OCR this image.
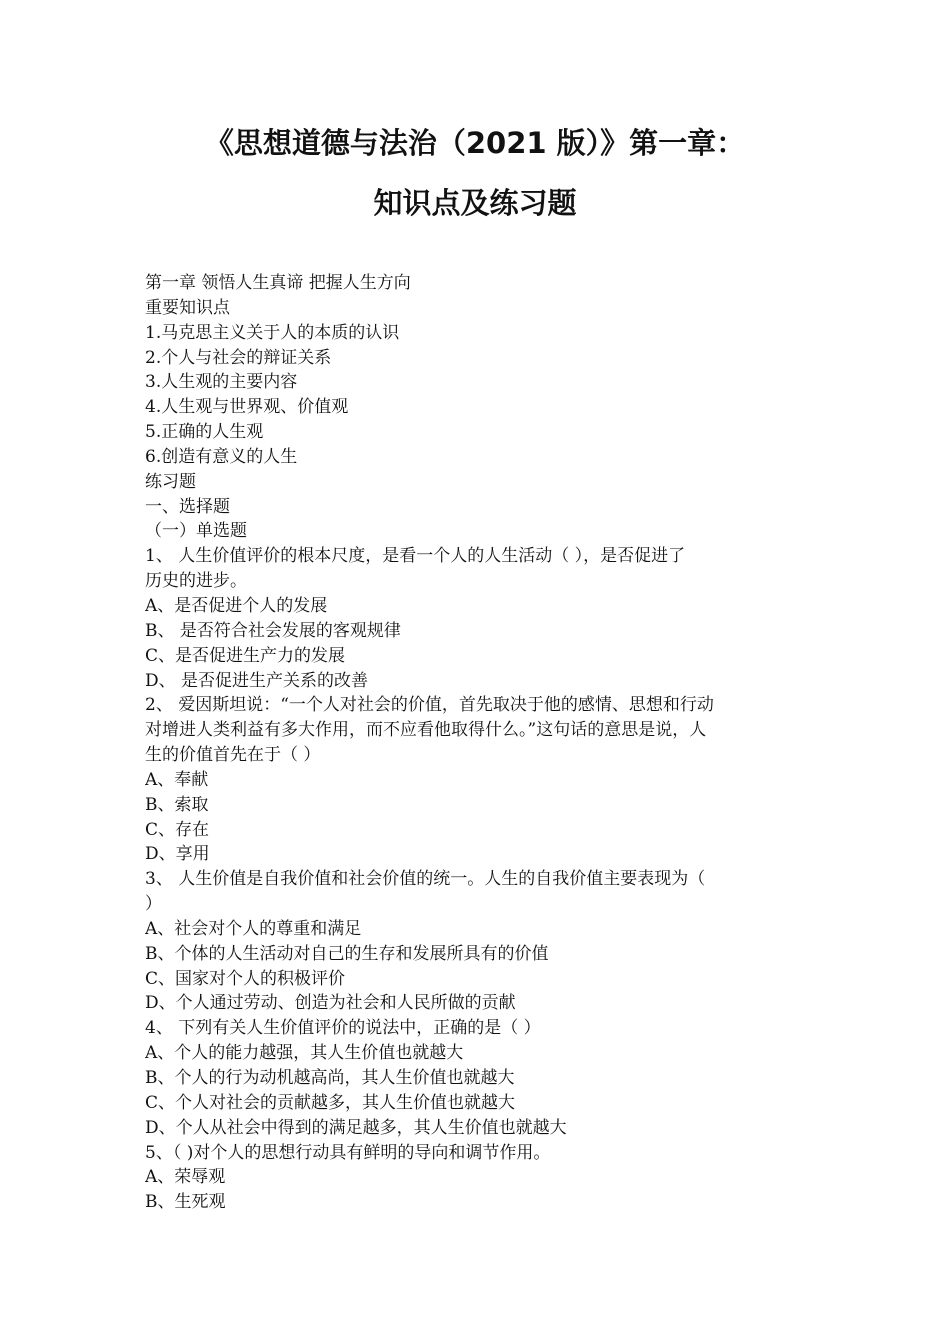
《思想道德与法治（2021 版）》第一章：
知识点及练习题
第一章 领悟人生真谛 把握人生方向
重要知识点
1.马克思主义关于人的本质的认识
2.个人与社会的辩证关系
3.人生观的主要内容
4.人生观与世界观、价值观
5.正确的人生观
6.创造有意义的人生
练习题
一、选择题
（一）单选题
1、 人生价值评价的根本尺度，是看一个人的人生活动（ ），是否促进了
历史的进步。
A、是否促进个人的发展
B、 是否符合社会发展的客观规律
C、是否促进生产力的发展
D、 是否促进生产关系的改善
2、 爱因斯坦说：“一个人对社会的价值，首先取决于他的感情、思想和行动
对增进人类利益有多大作用，而不应看他取得什么。”这句话的意思是说，人
生的价值首先在于（ ）
A、奉献
B、索取
C、存在
D、享用
3、 人生价值是自我价值和社会价值的统一。人生的自我价值主要表现为（
）
A、社会对个人的尊重和满足
B、个体的人生活动对自己的生存和发展所具有的价值
C、国家对个人的积极评价
D、个人通过劳动、创造为社会和人民所做的贡献
4、 下列有关人生价值评价的说法中，正确的是（ ）
A、个人的能力越强，其人生价值也就越大
B、个人的行为动机越高尚，其人生价值也就越大
C、个人对社会的贡献越多，其人生价值也就越大
D、个人从社会中得到的满足越多，其人生价值也就越大
5、（ )对个人的思想行动具有鲜明的导向和调节作用。
A、荣辱观
B、生死观
